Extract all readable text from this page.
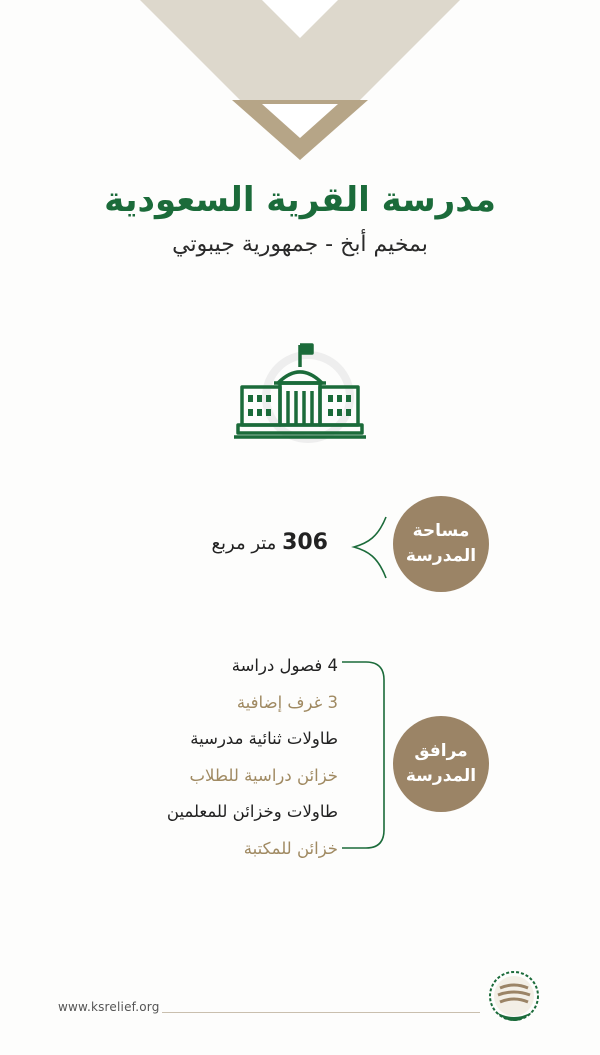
مدرسة القرية السعودية
بمخيم أبخ - جمهورية جيبوتي
مساحة
المدرسة
306 متر مربع
مرافق
المدرسة
4 فصول دراسة
3 غرف إضافية
طاولات ثنائية مدرسية
خزائن دراسية للطلاب
طاولات وخزائن للمعلمين
خزائن للمكتبة
www.ksrelief.org
